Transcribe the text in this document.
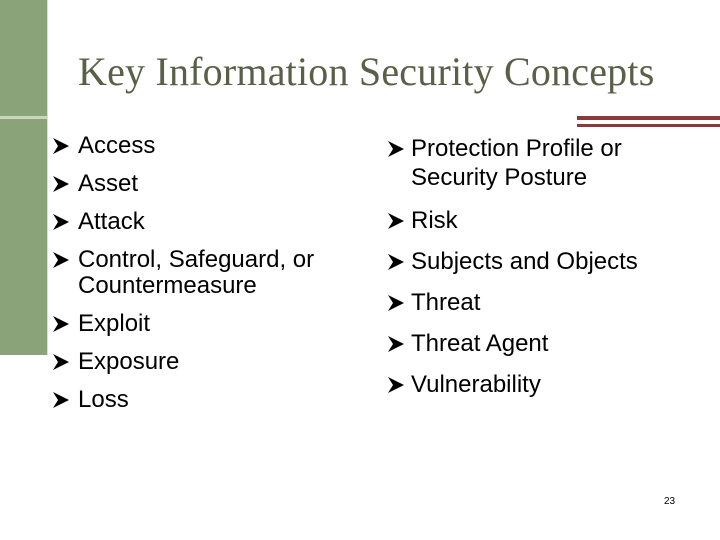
Key Information Security Concepts
Access
Asset
Attack
Control, Safeguard, or
Countermeasure
Exploit
Exposure
Loss
Protection Profile or
Security Posture
Risk
Subjects and Objects
Threat
Threat Agent
Vulnerability
23
